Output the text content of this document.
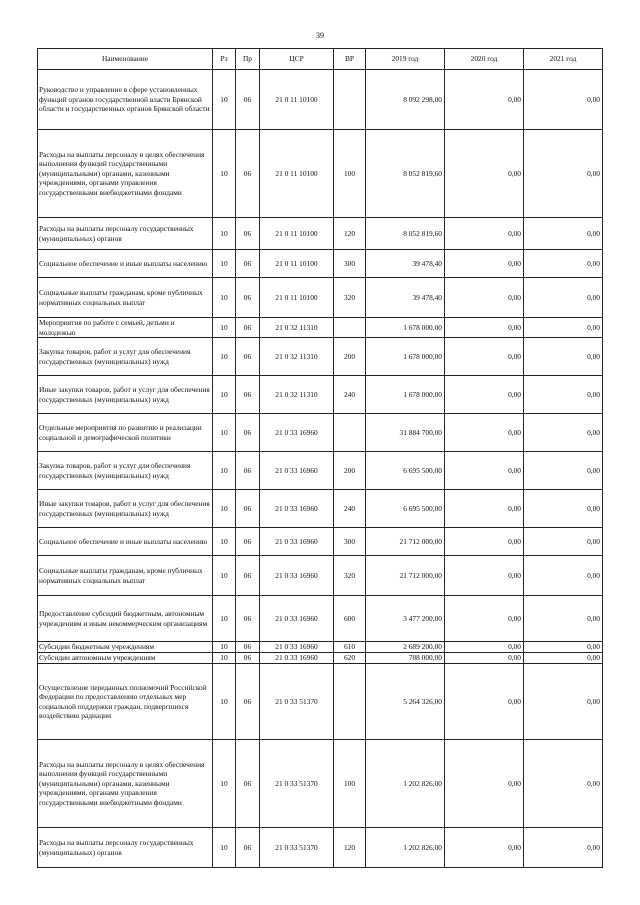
39
Наименование	Рз	Пр	ЦСР	ВР	2019 год	2020 год	2021 год
Руководство и управление в сфере установленных функций органов государственной власти Брянской области и государственных органов Брянской области	10	06	21 0 11 10100		8 092 298,00	0,00	0,00
Расходы на выплаты персоналу в целях обеспечения выполнения функций государственными (муниципальными) органами, казенными учреждениями, органами управления государственными внебюджетными фондами	10	06	21 0 11 10100	100	8 052 819,60	0,00	0,00
Расходы на выплаты персоналу государственных (муниципальных) органов	10	06	21 0 11 10100	120	8 052 819,60	0,00	0,00
Социальное обеспечение и иные выплаты населению	10	06	21 0 11 10100	300	39 478,40	0,00	0,00
Социальные выплаты гражданам, кроме публичных нормативных социальных выплат	10	06	21 0 11 10100	320	39 478,40	0,00	0,00
Мероприятия по работе с семьей, детьми и молодежью	10	06	21 0 32 11310		1 678 000,00	0,00	0,00
Закупка товаров, работ и услуг для обеспечения государственных (муниципальных) нужд	10	06	21 0 32 11310	200	1 678 000,00	0,00	0,00
Иные закупки товаров, работ и услуг для обеспечения государственных (муниципальных) нужд	10	06	21 0 32 11310	240	1 678 000,00	0,00	0,00
Отдельные мероприятия по развитию и реализации социальной и демографической политики	10	06	21 0 33 16960		31 884 700,00	0,00	0,00
Закупка товаров, работ и услуг для обеспечения государственных (муниципальных) нужд	10	06	21 0 33 16960	200	6 695 500,00	0,00	0,00
Иные закупки товаров, работ и услуг для обеспечения государственных (муниципальных) нужд	10	06	21 0 33 16960	240	6 695 500,00	0,00	0,00
Социальное обеспечение и иные выплаты населению	10	06	21 0 33 16960	300	21 712 000,00	0,00	0,00
Социальные выплаты гражданам, кроме публичных нормативных социальных выплат	10	06	21 0 33 16960	320	21 712 000,00	0,00	0,00
Предоставление субсидий бюджетным, автономным учреждениям и иным некоммерческим организациям	10	06	21 0 33 16960	600	3 477 200,00	0,00	0,00
Субсидии бюджетным учреждениям	10	06	21 0 33 16960	610	2 689 200,00	0,00	0,00
Субсидии автономным учреждениям	10	06	21 0 33 16960	620	788 000,00	0,00	0,00
Осуществление переданных полномочий Российской Федерации по предоставлению отдельных мер социальной поддержки граждан, подвергшихся воздействию радиации	10	06	21 0 33 51370		5 264 326,00	0,00	0,00
Расходы на выплаты персоналу в целях обеспечения выполнения функций государственными (муниципальными) органами, казенными учреждениями, органами управления государственными внебюджетными фондами	10	06	21 0 33 51370	100	1 202 826,00	0,00	0,00
Расходы на выплаты персоналу государственных (муниципальных) органов	10	06	21 0 33 51370	120	1 202 826,00	0,00	0,00
